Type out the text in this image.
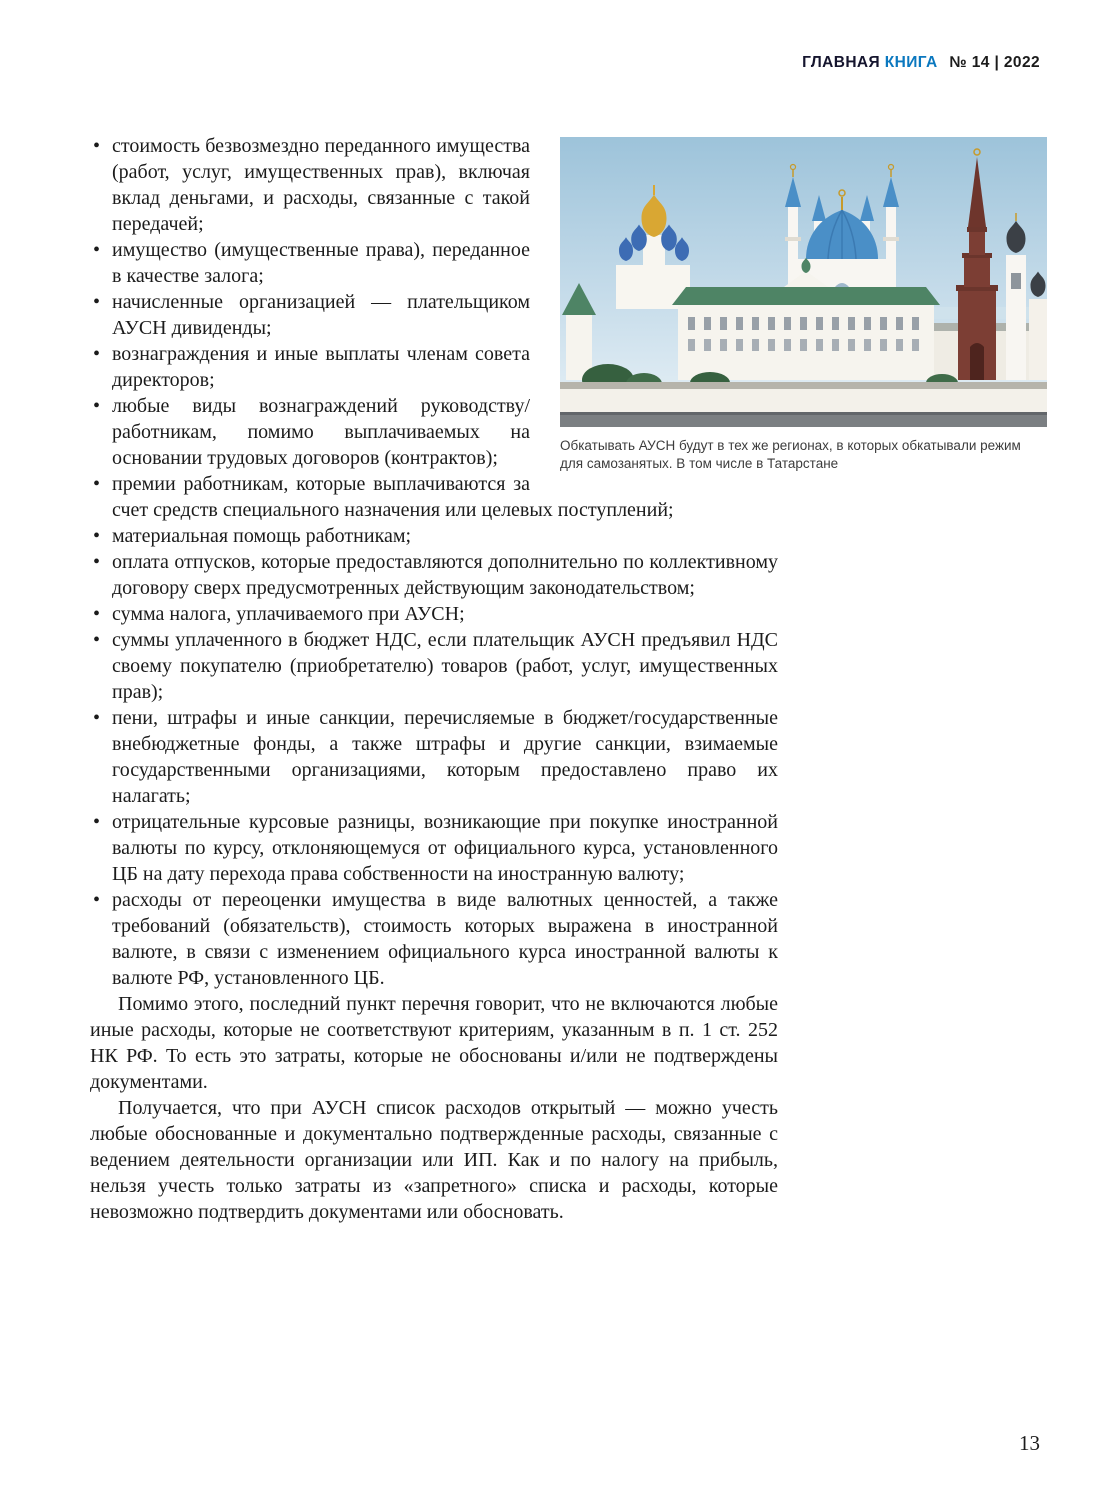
ГЛАВНАЯ КНИГА № 14 | 2022
Обкатывать АУСН будут в тех же регионах, в которых обкатывали режим для самозанятых. В том числе в Татарстане
• стоимость безвозмездно переданного имущества (работ, услуг, имущественных прав), включая вклад деньгами, и расходы, связанные с такой передачей;
• имущество (имущественные права), переданное в качестве залога;
• начисленные организацией — плательщиком АУСН дивиденды;
• вознаграждения и иные выплаты членам совета директоров;
• любые виды вознаграждений руководству/работникам, помимо выплачиваемых на основании трудовых договоров (контрактов);
• премии работникам, которые выплачиваются за счет средств специального назначения или целевых поступлений;
• материальная помощь работникам;
• оплата отпусков, которые предоставляются дополнительно по коллективному договору сверх предусмотренных действующим законодательством;
• сумма налога, уплачиваемого при АУСН;
• суммы уплаченного в бюджет НДС, если плательщик АУСН предъявил НДС своему покупателю (приобретателю) товаров (работ, услуг, имущественных прав);
• пени, штрафы и иные санкции, перечисляемые в бюджет/государственные внебюджетные фонды, а также штрафы и другие санкции, взимаемые государственными организациями, которым предоставлено право их налагать;
• отрицательные курсовые разницы, возникающие при покупке иностранной валюты по курсу, отклоняющемуся от официального курса, установленного ЦБ на дату перехода права собственности на иностранную валюту;
• расходы от переоценки имущества в виде валютных ценностей, а также требований (обязательств), стоимость которых выражена в иностранной валюте, в связи с изменением официального курса иностранной валюты к валюте РФ, установленного ЦБ.

Помимо этого, последний пункт перечня говорит, что не включаются любые иные расходы, которые не соответствуют критериям, указанным в п. 1 ст. 252 НК РФ. То есть это затраты, которые не обоснованы и/или не подтверждены документами.

Получается, что при АУСН список расходов открытый — можно учесть любые обоснованные и документально подтвержденные расходы, связанные с ведением деятельности организации или ИП. Как и по налогу на прибыль, нельзя учесть только затраты из «запретного» списка и расходы, которые невозможно подтвердить документами или обосновать.

13
